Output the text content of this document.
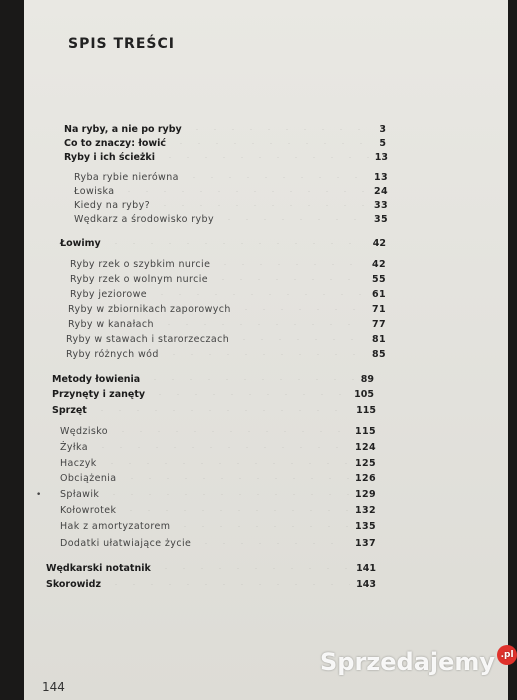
SPIS TREŚCI
Na ryby, a nie po ryby	3
Co to znaczy: łowić	5
Ryby i ich ścieżki	13
Ryba rybie nierówna	13
Łowiska	24
Kiedy na ryby?	33
Wędkarz a środowisko ryby	35
Łowimy	42
Ryby rzek o szybkim nurcie	42
Ryby rzek o wolnym nurcie	55
Ryby jeziorowe	61
Ryby w zbiornikach zaporowych	71
Ryby w kanałach	77
Ryby w stawach i starorzeczach	81
Ryby różnych wód	85
Metody łowienia	89
Przynęty i zanęty	105
Sprzęt	115
Wędzisko	115
Żyłka	124
Haczyk	125
Obciążenia	126
Spławik	129
Kołowrotek	132
Hak z amortyzatorem	135
Dodatki ułatwiające życie	137
Wędkarski notatnik	141
Skorowidz	143
•
144
Sprzedajemy .pl
